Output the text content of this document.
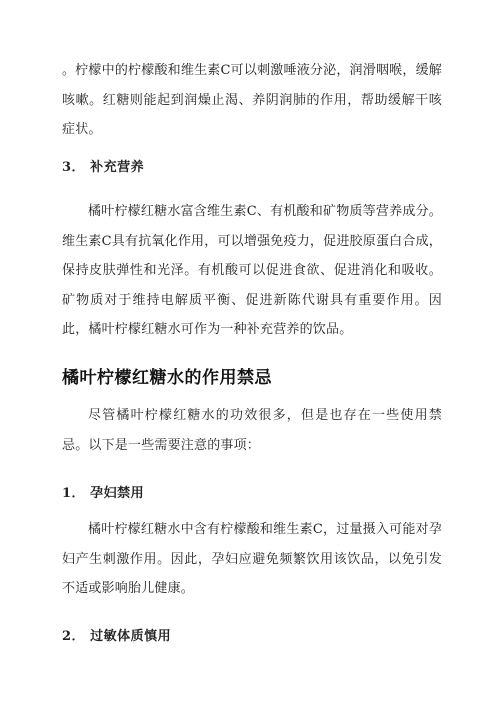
。柠檬中的柠檬酸和维生素C可以刺激唾液分泌，润滑咽喉，缓解咳嗽。红糖则能起到润燥止渴、养阴润肺的作用，帮助缓解干咳症状。

3． 补充营养

橘叶柠檬红糖水富含维生素C、有机酸和矿物质等营养成分。维生素C具有抗氧化作用，可以增强免疫力，促进胶原蛋白合成，保持皮肤弹性和光泽。有机酸可以促进食欲、促进消化和吸收。矿物质对于维持电解质平衡、促进新陈代谢具有重要作用。因此，橘叶柠檬红糖水可作为一种补充营养的饮品。

橘叶柠檬红糖水的作用禁忌

尽管橘叶柠檬红糖水的功效很多，但是也存在一些使用禁忌。以下是一些需要注意的事项：

1． 孕妇禁用

橘叶柠檬红糖水中含有柠檬酸和维生素C，过量摄入可能对孕妇产生刺激作用。因此，孕妇应避免频繁饮用该饮品，以免引发不适或影响胎儿健康。

2． 过敏体质慎用
